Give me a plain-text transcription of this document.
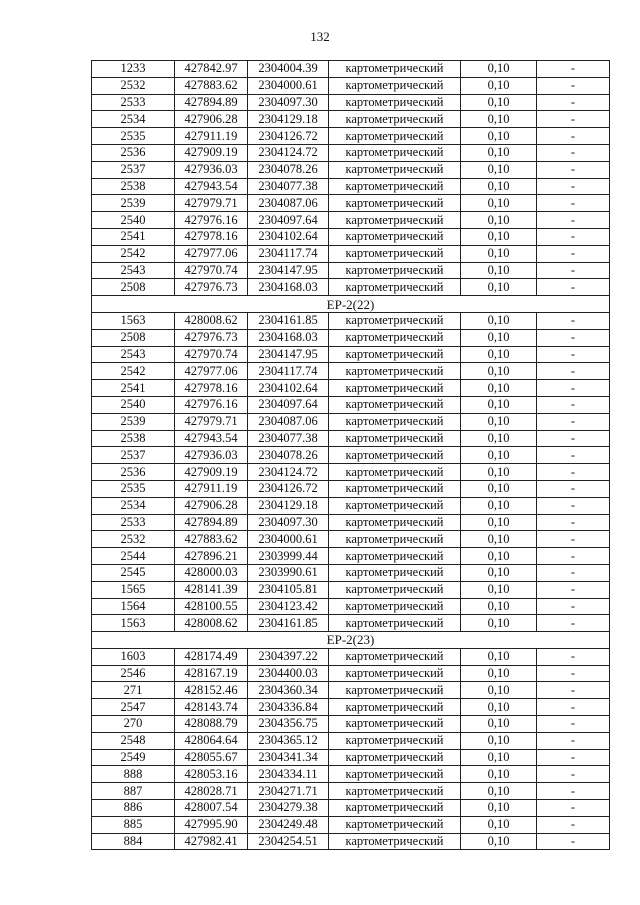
132
1233	427842.97	2304004.39	картометрический	0,10	-
2532	427883.62	2304000.61	картометрический	0,10	-
2533	427894.89	2304097.30	картометрический	0,10	-
2534	427906.28	2304129.18	картометрический	0,10	-
2535	427911.19	2304126.72	картометрический	0,10	-
2536	427909.19	2304124.72	картометрический	0,10	-
2537	427936.03	2304078.26	картометрический	0,10	-
2538	427943.54	2304077.38	картометрический	0,10	-
2539	427979.71	2304087.06	картометрический	0,10	-
2540	427976.16	2304097.64	картометрический	0,10	-
2541	427978.16	2304102.64	картометрический	0,10	-
2542	427977.06	2304117.74	картометрический	0,10	-
2543	427970.74	2304147.95	картометрический	0,10	-
2508	427976.73	2304168.03	картометрический	0,10	-
ЕР-2(22)					
1563	428008.62	2304161.85	картометрический	0,10	-
2508	427976.73	2304168.03	картометрический	0,10	-
2543	427970.74	2304147.95	картометрический	0,10	-
2542	427977.06	2304117.74	картометрический	0,10	-
2541	427978.16	2304102.64	картометрический	0,10	-
2540	427976.16	2304097.64	картометрический	0,10	-
2539	427979.71	2304087.06	картометрический	0,10	-
2538	427943.54	2304077.38	картометрический	0,10	-
2537	427936.03	2304078.26	картометрический	0,10	-
2536	427909.19	2304124.72	картометрический	0,10	-
2535	427911.19	2304126.72	картометрический	0,10	-
2534	427906.28	2304129.18	картометрический	0,10	-
2533	427894.89	2304097.30	картометрический	0,10	-
2532	427883.62	2304000.61	картометрический	0,10	-
2544	427896.21	2303999.44	картометрический	0,10	-
2545	428000.03	2303990.61	картометрический	0,10	-
1565	428141.39	2304105.81	картометрический	0,10	-
1564	428100.55	2304123.42	картометрический	0,10	-
1563	428008.62	2304161.85	картометрический	0,10	-
ЕР-2(23)					
1603	428174.49	2304397.22	картометрический	0,10	-
2546	428167.19	2304400.03	картометрический	0,10	-
271	428152.46	2304360.34	картометрический	0,10	-
2547	428143.74	2304336.84	картометрический	0,10	-
270	428088.79	2304356.75	картометрический	0,10	-
2548	428064.64	2304365.12	картометрический	0,10	-
2549	428055.67	2304341.34	картометрический	0,10	-
888	428053.16	2304334.11	картометрический	0,10	-
887	428028.71	2304271.71	картометрический	0,10	-
886	428007.54	2304279.38	картометрический	0,10	-
885	427995.90	2304249.48	картометрический	0,10	-
884	427982.41	2304254.51	картометрический	0,10	-
